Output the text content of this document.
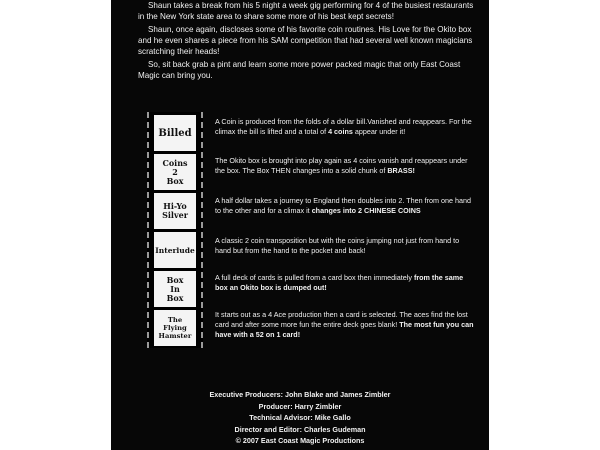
Shaun takes a break from his 5 night a week gig performing for 4 of the busiest restaurants in the New York state area to share some more of his best kept secrets!

Shaun, once again, discloses some of his favorite coin routines. His Love for the Okito box and he even shares a piece from his SAM competition that had several well known magicians scratching their heads!

So, sit back grab a pint and learn some more power packed magic that only East Coast Magic can bring you.

Billed
Coins
2
Box
Hi-Yo
Silver
Interlude
Box
In
Box
The
Flying
Hamster
A Coin is produced from the folds of a dollar bill.Vanished and reappears. For the climax the bill is lifted and a total of 4 coins appear under it!
The Okito box is brought into play again as 4 coins vanish and reappears under the box. The Box THEN changes into a solid chunk of BRASS!
A half dollar takes a journey to England then doubles into 2. Then from one hand to the other and for a climax it changes into 2 CHINESE COINS
A classic 2 coin transposition but with the coins jumping not just from hand to hand but from the hand to the pocket and back!
A full deck of cards is pulled from a card box then immediately from the same box an Okito box is dumped out!
It starts out as a 4 Ace production then a card is selected. The aces find the lost card and after some more fun the entire deck goes blank! The most fun you can have with a 52 on 1 card!
Executive Producers: John Blake and James Zimbler
Producer: Harry Zimbler
Technical Advisor: Mike Gallo
Director and Editor: Charles Gudeman
© 2007 East Coast Magic Productions
